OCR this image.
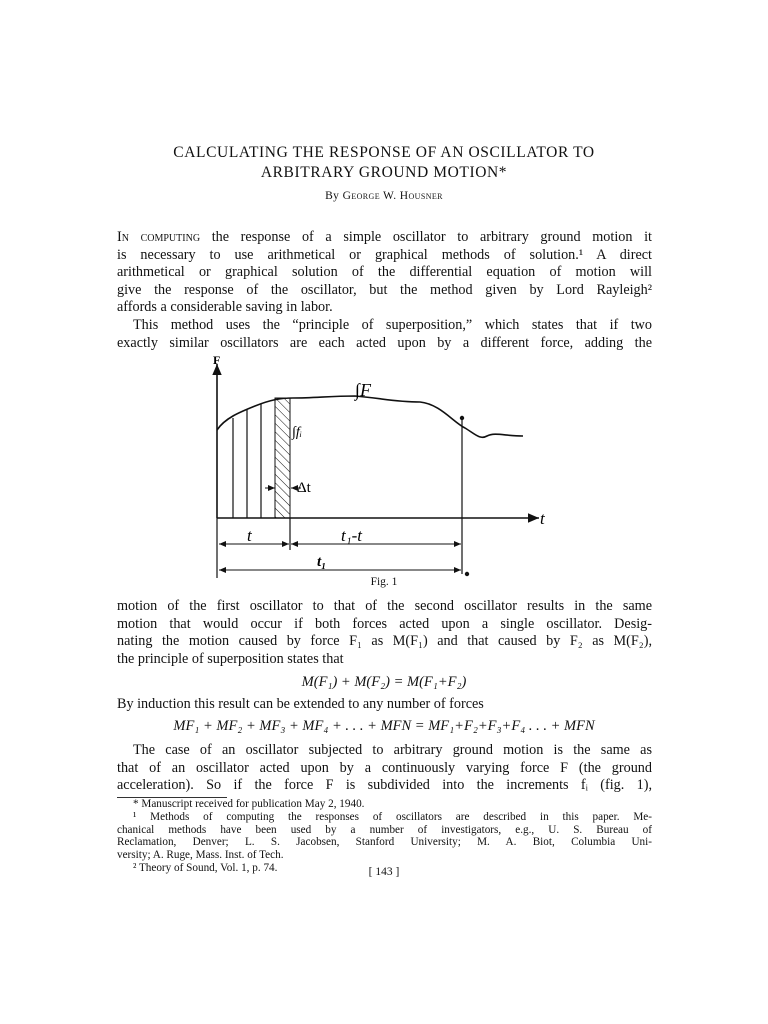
CALCULATING THE RESPONSE OF AN OSCILLATOR TO
ARBITRARY GROUND MOTION*
By George W. Housner
In computing the response of a simple oscillator to arbitrary ground motion it
is necessary to use arithmetical or graphical methods of solution.¹ A direct
arithmetical or graphical solution of the differential equation of motion will
give the response of the oscillator, but the method given by Lord Rayleigh²
affords a considerable saving in labor.
This method uses the “principle of superposition,” which states that if two
exactly similar oscillators are each acted upon by a different force, adding the
F
t
∫F
∫fᵢ
Δt
t	t₁-t
t₁
Fig. 1
motion of the first oscillator to that of the second oscillator results in the same
motion that would occur if both forces acted upon a single oscillator. Desig-
nating the motion caused by force F₁ as M(F₁) and that caused by F₂ as M(F₂),
the principle of superposition states that
M(F₁) + M(F₂) = M(F₁+F₂)
By induction this result can be extended to any number of forces
MF₁ + MF₂ + MF₃ + MF₄ + . . . + MFN = MF₁+F₂+F₃+F₄ . . . + MFN
The case of an oscillator subjected to arbitrary ground motion is the same as
that of an oscillator acted upon by a continuously varying force F (the ground
acceleration). So if the force F is subdivided into the increments fᵢ (fig. 1),
* Manuscript received for publication May 2, 1940.
¹ Methods of computing the responses of oscillators are described in this paper. Me-
chanical methods have been used by a number of investigators, e.g., U. S. Bureau of
Reclamation, Denver; L. S. Jacobsen, Stanford University; M. A. Biot, Columbia Uni-
versity; A. Ruge, Mass. Inst. of Tech.
² Theory of Sound, Vol. 1, p. 74.	[ 143 ]
